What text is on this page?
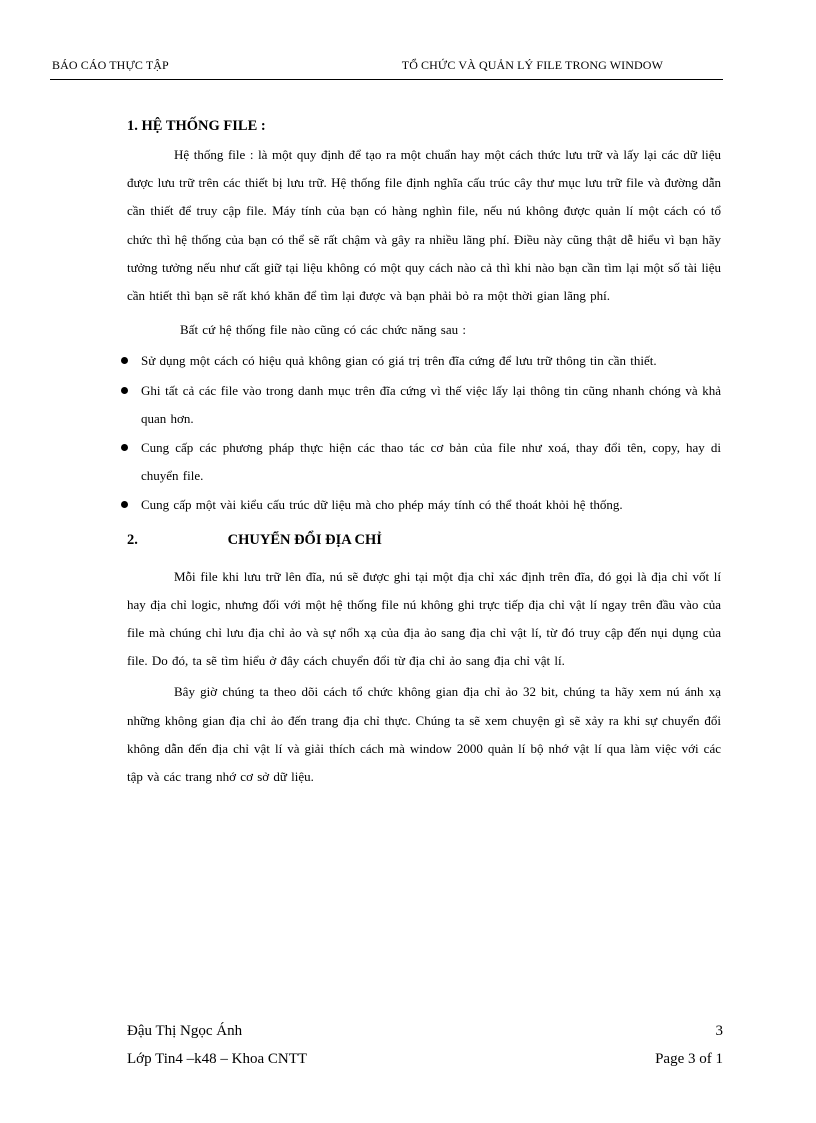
BÁO CÁO THỰC TẬP	TỔ CHỨC VÀ QUẢN LÝ FILE TRONG WINDOW
1. HỆ THỐNG FILE :

Hệ thống file : là một quy định để tạo ra một chuẩn hay một cách thức lưu trữ và lấy lại các dữ liệu được lưu trữ trên các thiết bị lưu trữ. Hệ thống file định nghĩa cấu trúc cây thư mục lưu trữ file và đường dẫn cần thiết để truy cập file. Máy tính của bạn có hàng nghìn file, nếu nú không được quản lí một cách có tổ chức thì hệ thống của bạn có thể sẽ rất chậm và gây ra nhiều lãng phí. Điều này cũng thật dễ hiểu vì bạn hãy tưởng tưởng nếu như cất giữ tại liệu không có một quy cách nào cả thì khi nào bạn cần tìm lại một số tài liệu cần htiết thì bạn sẽ rất khó khăn để tìm lại được và bạn phải bỏ ra một thời gian lãng phí.

Bất cứ hệ thống file nào cũng có các chức năng sau :

Sử dụng một cách có hiệu quả không gian có giá trị trên đĩa cứng để lưu trữ thông tin cần thiết.
Ghi tất cả các file vào trong danh mục trên đĩa cứng vì thế việc lấy lại thông tin cũng nhanh chóng và khả quan hơn.
Cung cấp các phương pháp thực hiện các thao tác cơ bản của file như xoá, thay đổi tên, copy, hay di chuyển file.
Cung cấp một vài kiểu cấu trúc dữ liệu mà cho phép máy tính có thể thoát khỏi hệ thống.
2.	CHUYỂN ĐỔI ĐỊA CHỈ

Mỗi file khi lưu trữ lên đĩa, nú sẽ được ghi tại một địa chỉ xác định trên đĩa, đó gọi là địa chỉ vốt lí hay địa chỉ logic, nhưng đối với một hệ thống file nú không ghi trực tiếp địa chỉ vật lí ngay trên đầu vào của file mà chúng chỉ lưu địa chỉ ảo và sự nổh xạ của địa ảo sang địa chỉ vật lí, từ đó truy cập đến nụi dụng của file. Do đó, ta sẽ tìm hiểu ở đây cách chuyển đổi từ địa chỉ ảo sang địa chỉ vật lí.

Bây giờ chúng ta theo dõi cách tổ chức không gian địa chỉ ảo 32 bit, chúng ta hãy xem nú ánh xạ những không gian địa chỉ ảo đến trang địa chỉ thực. Chúng ta sẽ xem chuyện gì sẽ xảy ra khi sự chuyển đổi không dẫn đến địa chỉ vật lí và giải thích cách mà window 2000 quản lí bộ nhớ vật lí qua làm việc với các tập và các trang nhớ cơ sở dữ liệu.

Đậu Thị Ngọc Ánh	3
Lớp Tin4 –k48 – Khoa CNTT	Page 3 of 1
